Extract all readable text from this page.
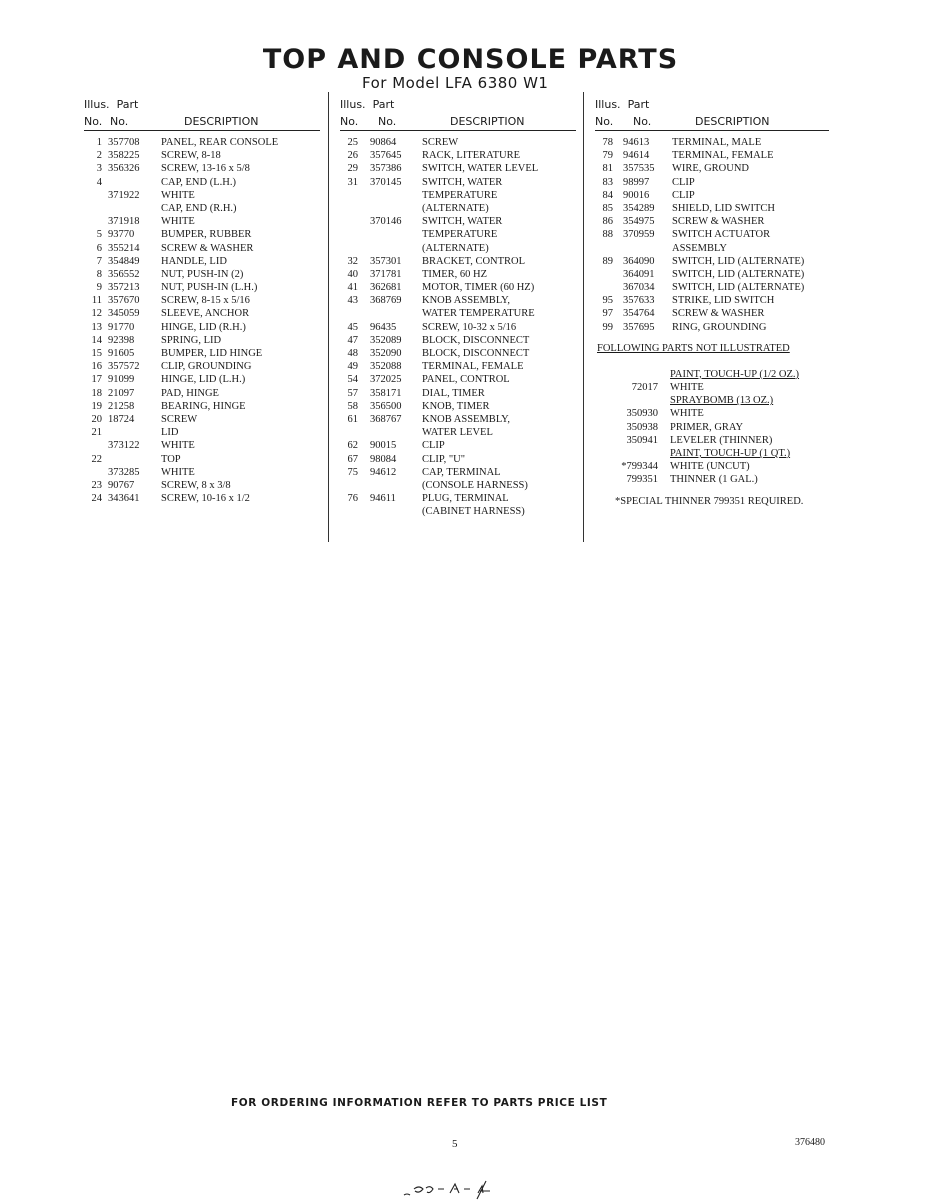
TOP AND CONSOLE PARTS
For Model LFA 6380 W1
Illus. Part
No. No.	DESCRIPTION
1 357708 PANEL, REAR CONSOLE
2 358225 SCREW, 8-18
3 356326 SCREW, 13-16 x 5/8
4	CAP, END (L.H.)
371922 WHITE
CAP, END (R.H.)
371918 WHITE
5 93770	BUMPER, RUBBER
6 355214 SCREW & WASHER
7 354849 HANDLE, LID
8 356552 NUT, PUSH-IN (2)
9 357213 NUT, PUSH-IN (L.H.)
11 357670 SCREW, 8-15 x 5/16
12 345059 SLEEVE, ANCHOR
13 91770	HINGE, LID (R.H.)
14 92398	SPRING, LID
15 91605	BUMPER, LID HINGE
16 357572 CLIP, GROUNDING
17 91099	HINGE, LID (L.H.)
18 21097	PAD, HINGE
19 21258	BEARING, HINGE
20 18724	SCREW
21	LID
373122 WHITE
22	TOP
373285 WHITE
23 90767	SCREW, 8 x 3/8
24 343641 SCREW, 10-16 x 1/2
Illus. Part
No. No.	DESCRIPTION
25 90864 SCREW
26 357645 RACK, LITERATURE
29 357386 SWITCH, WATER LEVEL
31 370145 SWITCH, WATER
TEMPERATURE
(ALTERNATE)
370146 SWITCH, WATER
TEMPERATURE
(ALTERNATE)
32 357301 BRACKET, CONTROL
40 371781 TIMER, 60 HZ
41 362681 MOTOR, TIMER (60 HZ)
43 368769 KNOB ASSEMBLY,
WATER TEMPERATURE
45 96435 SCREW, 10-32 x 5/16
47 352089 BLOCK, DISCONNECT
48 352090 BLOCK, DISCONNECT
49 352088 TERMINAL, FEMALE
54 372025 PANEL, CONTROL
57 358171 DIAL, TIMER
58 356500 KNOB, TIMER
61 368767 KNOB ASSEMBLY,
WATER LEVEL
62 90015 CLIP
67 98084 CLIP, "U"
75 94612 CAP, TERMINAL
(CONSOLE HARNESS)
76 94611 PLUG, TERMINAL
(CABINET HARNESS)
Illus. Part
No. No.	DESCRIPTION
78 94613 TERMINAL, MALE
79 94614 TERMINAL, FEMALE
81 357535 WIRE, GROUND
83 98997 CLIP
84 90016 CLIP
85 354289 SHIELD, LID SWITCH
86 354975 SCREW & WASHER
88 370959 SWITCH ACTUATOR
ASSEMBLY
89 364090 SWITCH, LID (ALTERNATE)
364091 SWITCH, LID (ALTERNATE)
367034 SWITCH, LID (ALTERNATE)
95 357633 STRIKE, LID SWITCH
97 354764 SCREW & WASHER
99 357695 RING, GROUNDING
FOLLOWING PARTS NOT ILLUSTRATED
PAINT, TOUCH-UP (1/2 OZ.)
72017 WHITE
SPRAYBOMB (13 OZ.)
350930 WHITE
350938 PRIMER, GRAY
350941 LEVELER (THINNER)
PAINT, TOUCH-UP (1 QT.)
*799344 WHITE (UNCUT)
799351 THINNER (1 GAL.)
*SPECIAL THINNER 799351 REQUIRED.
FOR ORDERING INFORMATION REFER TO PARTS PRICE LIST
5	376480
